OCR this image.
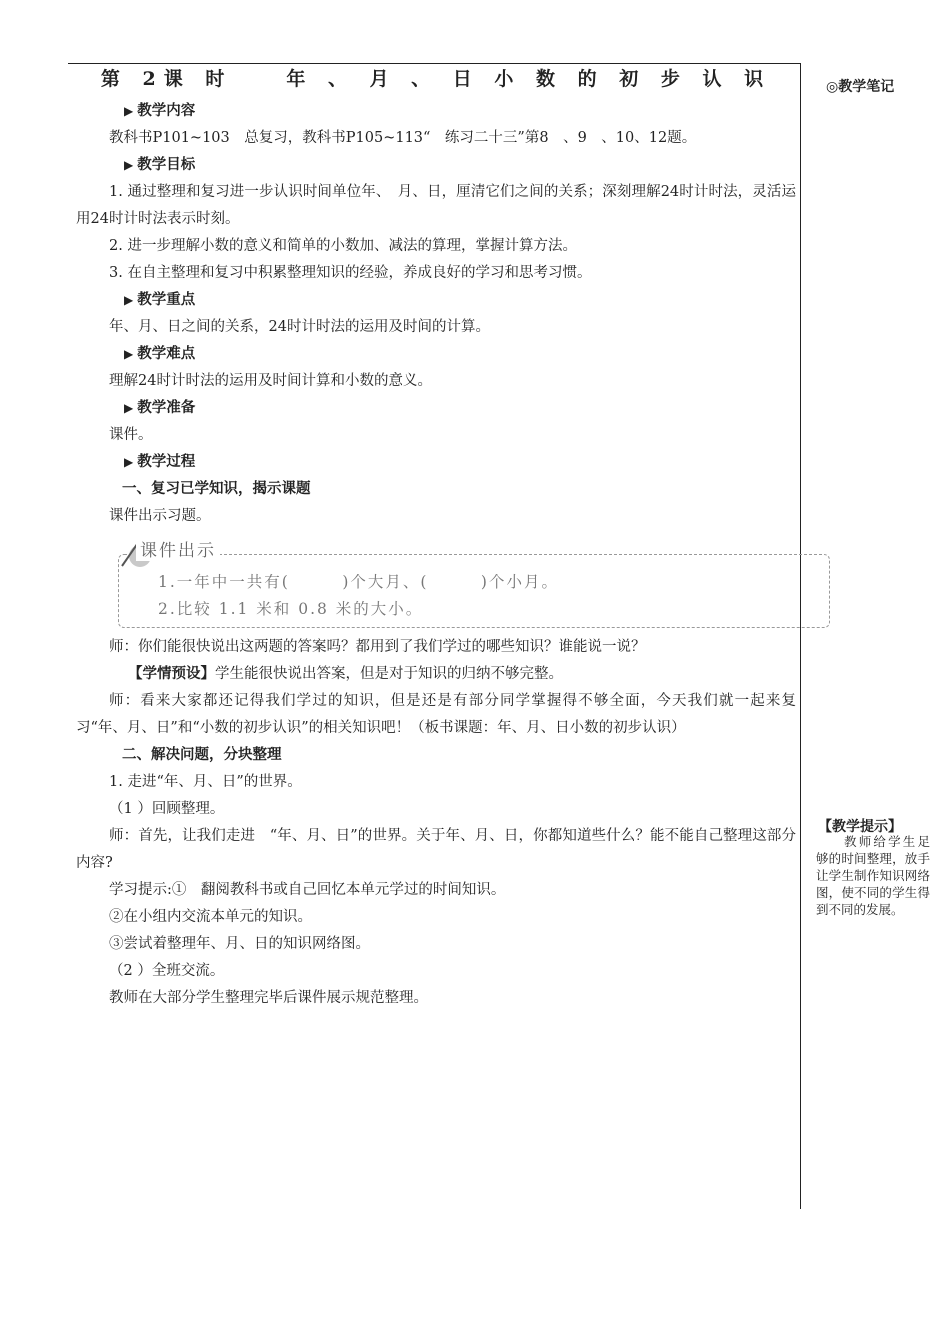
第 2课 时　　年 、 月 、 日 小 数 的 初 步 认 识
▶ 教学内容

教科书P101~103　总复习，教科书P105~113“　练习二十三”第8　、9　、10、12题。

▶ 教学目标

1. 通过整理和复习进一步认识时间单位年、　月、日，厘清它们之间的关系；深刻理解24时计时法，灵活运用24时计时法表示时刻。

2. 进一步理解小数的意义和简单的小数加、减法的算理，掌握计算方法。

3. 在自主整理和复习中积累整理知识的经验，养成良好的学习和思考习惯。

▶ 教学重点

年、月、日之间的关系，24时计时法的运用及时间的计算。

▶ 教学难点

理解24时计时法的运用及时间计算和小数的意义。

▶ 教学准备

课件。

▶ 教学过程
一、复习已学知识，揭示课题

课件出示习题。

课件出示
1.一年中一共有(　　　)个大月、(　　　)个小月。
2.比较 1.1 米和 0.8 米的大小。

师：你们能很快说出这两题的答案吗？都用到了我们学过的哪些知识？谁能说一说？

【学情预设】学生能很快说出答案，但是对于知识的归纳不够完整。

师：看来大家都还记得我们学过的知识，但是还是有部分同学掌握得不够全面，今天我们就一起来复习“年、月、日”和“小数的初步认识”的相关知识吧！（板书课题：年、月、日小数的初步认识）

二、解决问题，分块整理

1. 走进“年、月、日”的世界。

（1 ）回顾整理。

师：首先，让我们走进　“年、月、日”的世界。关于年、月、日，你都知道些什么？能不能自己整理这部分内容?

学习提示:①　翻阅教科书或自己回忆本单元学过的时间知识。

②在小组内交流本单元的知识。

③尝试着整理年、月、日的知识网络图。

（2 ）全班交流。

教师在大部分学生整理完毕后课件展示规范整理。

◎教学笔记
【教学提示】
教师给学生足够的时间整理，放手让学生制作知识网络图，使不同的学生得到不同的发展。
